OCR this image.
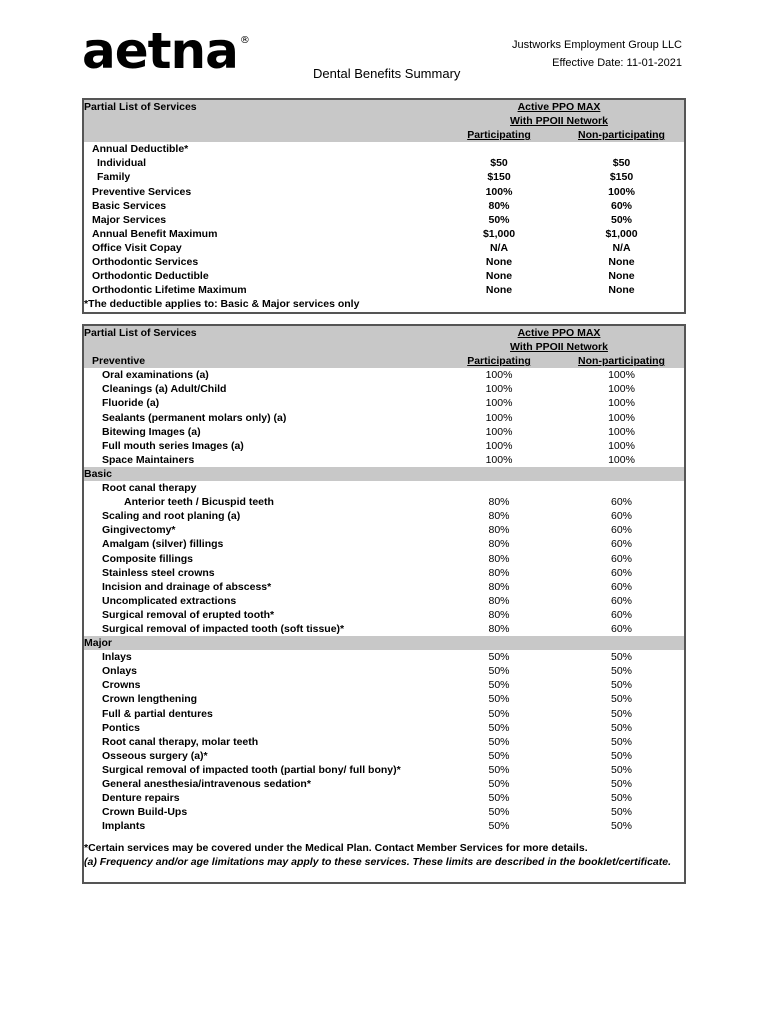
aetna ®
Dental Benefits Summary
Justworks Employment Group LLC
Effective Date: 11-01-2021
Partial List of Services	Active PPO MAX
With PPOII Network
Participating	Non-participating
Annual Deductible*
Individual	$50	$50
Family	$150	$150
Preventive Services	100%	100%
Basic Services	80%	60%
Major Services	50%	50%
Annual Benefit Maximum	$1,000	$1,000
Office Visit Copay	N/A	N/A
Orthodontic Services	None	None
Orthodontic Deductible	None	None
Orthodontic Lifetime Maximum	None	None
*The deductible applies to: Basic & Major services only
Partial List of Services	Active PPO MAX
With PPOII Network
Preventive	Participating	Non-participating
Oral examinations (a)	100%	100%
Cleanings (a) Adult/Child	100%	100%
Fluoride (a)	100%	100%
Sealants (permanent molars only) (a)	100%	100%
Bitewing Images (a)	100%	100%
Full mouth series Images (a)	100%	100%
Space Maintainers	100%	100%
Basic
Root canal therapy
Anterior teeth / Bicuspid teeth	80%	60%
Scaling and root planing (a)	80%	60%
Gingivectomy*	80%	60%
Amalgam (silver) fillings	80%	60%
Composite fillings	80%	60%
Stainless steel crowns	80%	60%
Incision and drainage of abscess*	80%	60%
Uncomplicated extractions	80%	60%
Surgical removal of erupted tooth*	80%	60%
Surgical removal of impacted tooth (soft tissue)*	80%	60%
Major
Inlays	50%	50%
Onlays	50%	50%
Crowns	50%	50%
Crown lengthening	50%	50%
Full & partial dentures	50%	50%
Pontics	50%	50%
Root canal therapy, molar teeth	50%	50%
Osseous surgery (a)*	50%	50%
Surgical removal of impacted tooth (partial bony/ full bony)*	50%	50%
General anesthesia/intravenous sedation*	50%	50%
Denture repairs	50%	50%
Crown Build-Ups	50%	50%
Implants	50%	50%
*Certain services may be covered under the Medical Plan. Contact Member Services for more details.
(a) Frequency and/or age limitations may apply to these services. These limits are described in the booklet/certificate.
